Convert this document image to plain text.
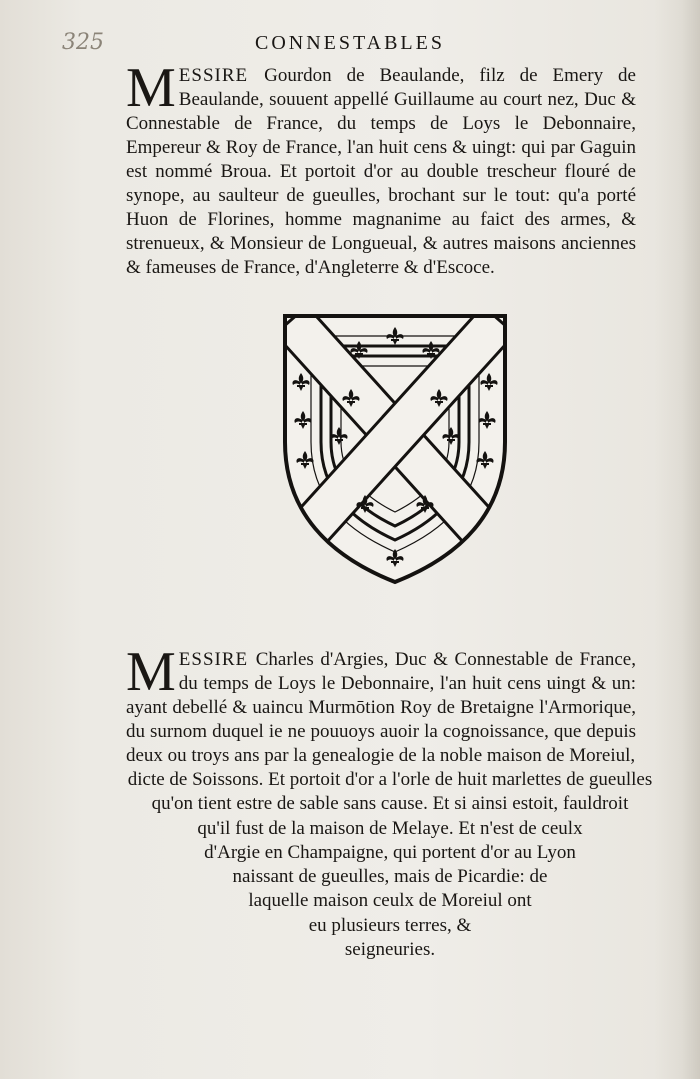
325	CONNESTABLES

M ESSIRE Gourdon de Beaulande, filz de Emery de Beaulande, souuent appellé Guillaume au court nez, Duc & Connestable de France, du temps de Loys le Debonnaire, Empereur & Roy de France, l'an huit cens & uingt: qui par Gaguin est nommé Broua. Et portoit d'or au double trescheur flouré de synope, au saulteur de gueulles, brochant sur le tout: qu'a porté Huon de Florines, homme magnanime au faict des armes, & strenueux, & Monsieur de Longueual, & autres maisons anciennes & fameuses de France, d'Angleterre & d'Escoce.

M ESSIRE Charles d'Argies, Duc & Connestable de France, du temps de Loys le Debonnaire, l'an huit cens uingt & un: ayant debellé & uaincu Murmōtion Roy de Bretaigne l'Armorique, du surnom duquel ie ne pouuoys auoir la cognoissance, que depuis deux ou troys ans par la genealogie de la noble maison de Moreiul,

dicte de Soissons. Et portoit d'or a l'orle de huit marlettes de gueulles
qu'on tient estre de sable sans cause. Et si ainsi estoit, fauldroit
qu'il fust de la maison de Melaye. Et n'est de ceulx
d'Argie en Champaigne, qui portent d'or au Lyon
naissant de gueulles, mais de Picardie: de
laquelle maison ceulx de Moreiul ont
eu plusieurs terres, &
seigneuries.
